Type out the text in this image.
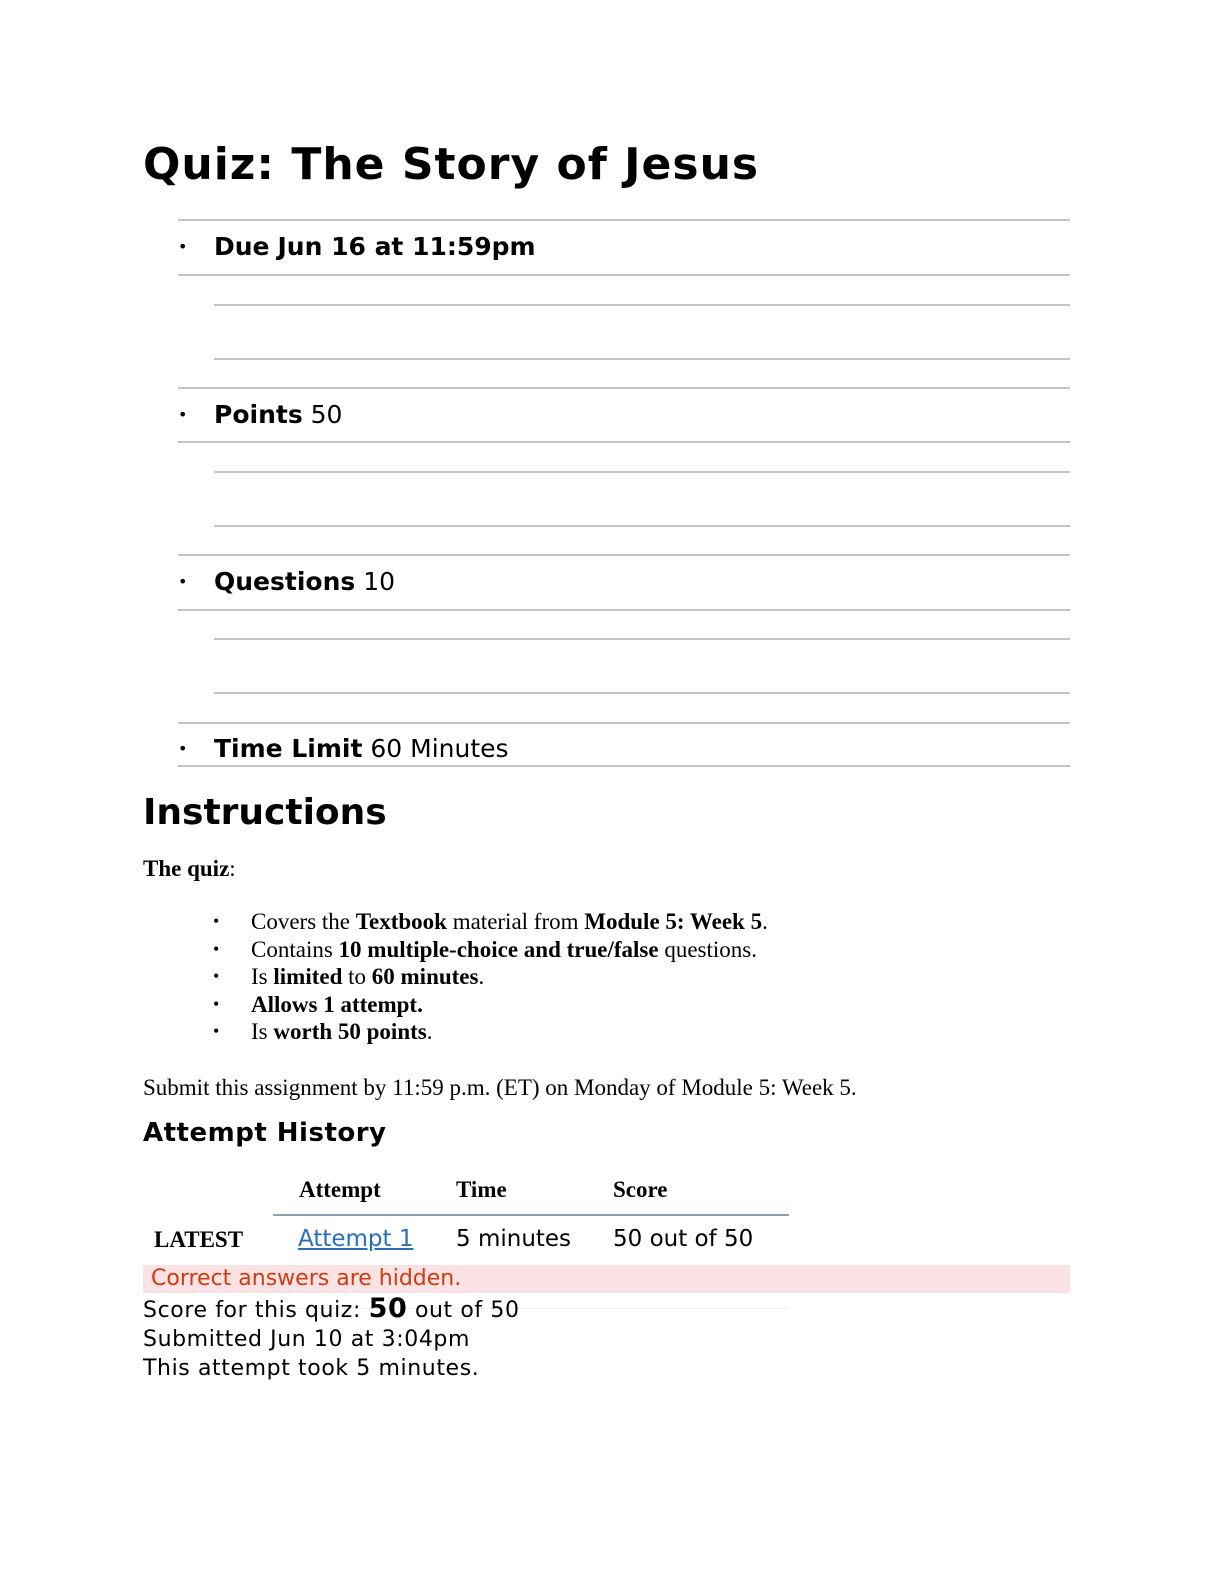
Quiz: The Story of Jesus
• Due Jun 16 at 11:59pm
• Points 50
• Questions 10
• Time Limit 60 Minutes
Instructions
The quiz:
• Covers the Textbook material from Module 5: Week 5.
• Contains 10 multiple-choice and true/false questions.
• Is limited to 60 minutes.
• Allows 1 attempt.
• Is worth 50 points.
Submit this assignment by 11:59 p.m. (ET) on Monday of Module 5: Week 5.
Attempt History
Attempt	Time	Score
LATEST Attempt 1 5 minutes 50 out of 50
Correct answers are hidden.
Score for this quiz: 50 out of 50
Submitted Jun 10 at 3:04pm
This attempt took 5 minutes.
